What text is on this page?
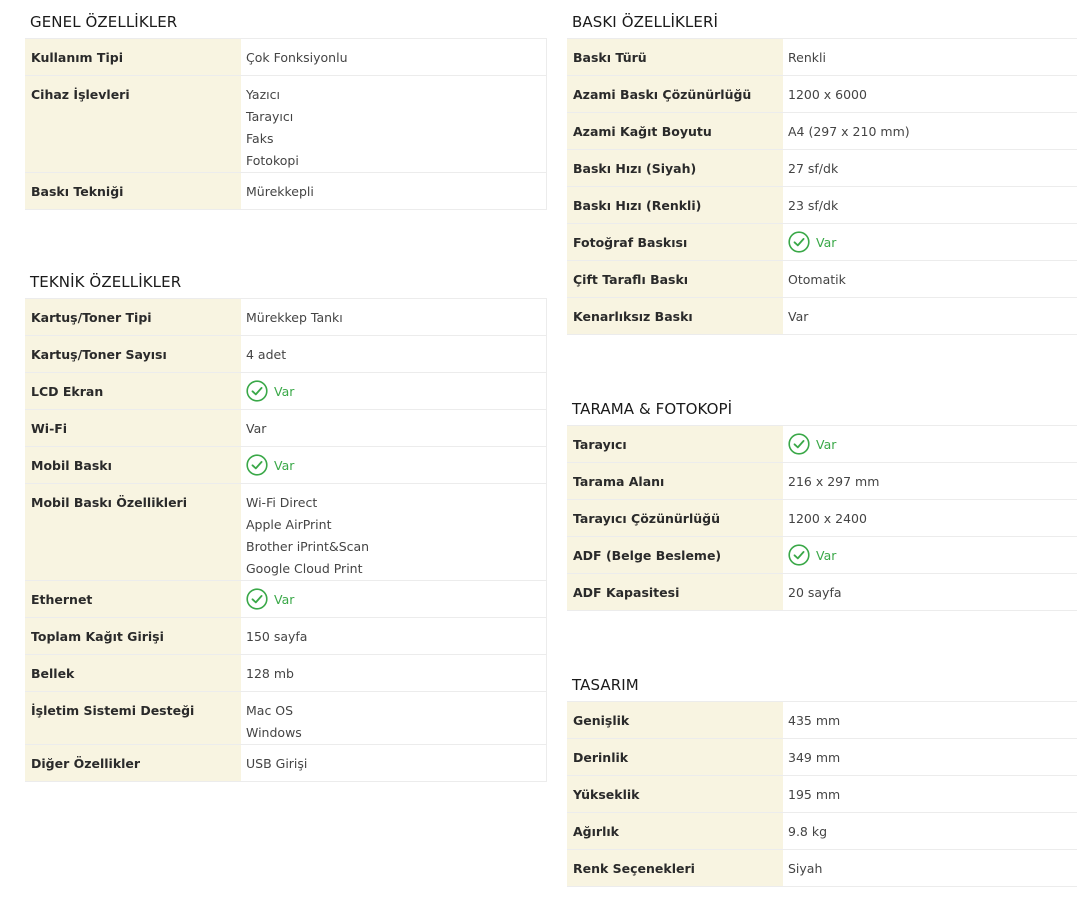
GENEL ÖZELLİKLER
Kullanım Tipi	Çok Fonksiyonlu
Cihaz İşlevleri	Yazıcı
Tarayıcı
Faks
Fotokopi

Baskı Tekniği	Mürekkepli
TEKNİK ÖZELLİKLER
Kartuş/Toner Tipi	Mürekkep Tankı
Kartuş/Toner Sayısı	4 adet
LCD Ekran	Var

Wi-Fi	Var
Mobil Baskı	Var

Mobil Baskı Özellikleri	Wi-Fi Direct
Apple AirPrint
Brother iPrint&Scan
Google Cloud Print

Ethernet	Var

Toplam Kağıt Girişi	150 sayfa
Bellek	128 mb
İşletim Sistemi Desteği	Mac OS
Windows

Diğer Özellikler	USB Girişi
BASKI ÖZELLİKLERİ
Baskı Türü	Renkli
Azami Baskı Çözünürlüğü	1200 x 6000
Azami Kağıt Boyutu	A4 (297 x 210 mm)
Baskı Hızı (Siyah)	27 sf/dk
Baskı Hızı (Renkli)	23 sf/dk
Fotoğraf Baskısı	Var

Çift Taraflı Baskı	Otomatik
Kenarlıksız Baskı	Var
TARAMA & FOTOKOPİ
Tarayıcı	Var

Tarama Alanı	216 x 297 mm
Tarayıcı Çözünürlüğü	1200 x 2400
ADF (Belge Besleme)	Var

ADF Kapasitesi	20 sayfa
TASARIM
Genişlik	435 mm
Derinlik	349 mm
Yükseklik	195 mm
Ağırlık	9.8 kg
Renk Seçenekleri	Siyah
